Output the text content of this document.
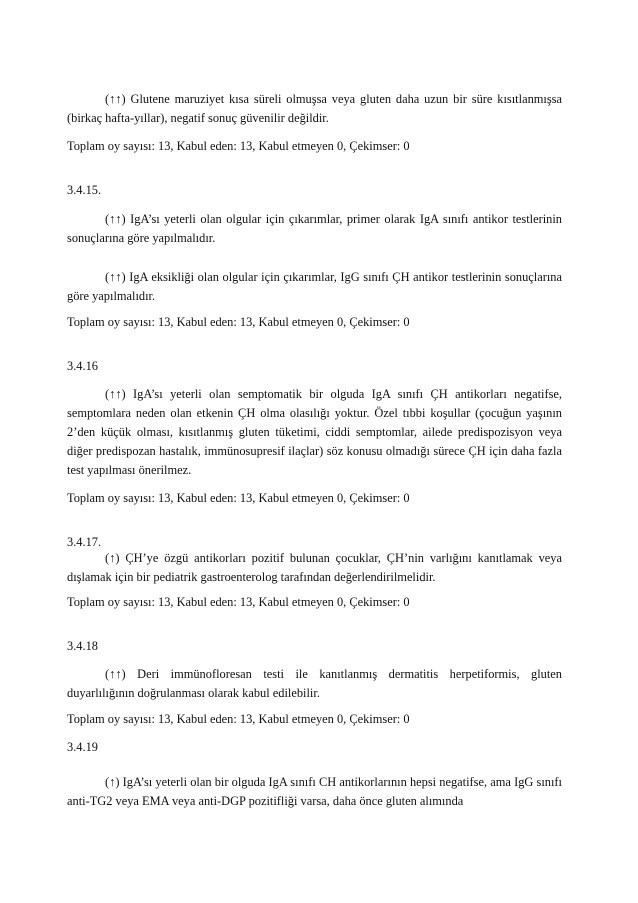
(↑↑) Glutene maruziyet kısa süreli olmuşsa veya gluten daha uzun bir süre kısıtlanmışsa (birkaç hafta-yıllar), negatif sonuç güvenilir değildir.

Toplam oy sayısı: 13, Kabul eden: 13, Kabul etmeyen 0, Çekimser: 0

3.4.15.

(↑↑) IgA’sı yeterli olan olgular için çıkarımlar, primer olarak IgA sınıfı antikor testlerinin sonuçlarına göre yapılmalıdır.

(↑↑) IgA eksikliği olan olgular için çıkarımlar, IgG sınıfı ÇH antikor testlerinin sonuçlarına göre yapılmalıdır.

Toplam oy sayısı: 13, Kabul eden: 13, Kabul etmeyen 0, Çekimser: 0

3.4.16

(↑↑) IgA’sı yeterli olan semptomatik bir olguda IgA sınıfı ÇH antikorları negatifse, semptomlara neden olan etkenin ÇH olma olasılığı yoktur. Özel tıbbi koşullar (çocuğun yaşının 2’den küçük olması, kısıtlanmış gluten tüketimi, ciddi semptomlar, ailede predispozisyon veya diğer predispozan hastalık, immünosupresif ilaçlar) söz konusu olmadığı sürece ÇH için daha fazla test yapılması önerilmez.

Toplam oy sayısı: 13, Kabul eden: 13, Kabul etmeyen 0, Çekimser: 0

3.4.17.

(↑) ÇH’ye özgü antikorları pozitif bulunan çocuklar, ÇH’nin varlığını kanıtlamak veya dışlamak için bir pediatrik gastroenterolog tarafından değerlendirilmelidir.

Toplam oy sayısı: 13, Kabul eden: 13, Kabul etmeyen 0, Çekimser: 0

3.4.18

(↑↑) Deri immünofloresan testi ile kanıtlanmış dermatitis herpetiformis, gluten duyarlılığının doğrulanması olarak kabul edilebilir.

Toplam oy sayısı: 13, Kabul eden: 13, Kabul etmeyen 0, Çekimser: 0

3.4.19

(↑) IgA’sı yeterli olan bir olguda IgA sınıfı CH antikorlarının hepsi negatifse, ama IgG sınıfı anti-TG2 veya EMA veya anti-DGP pozitifliği varsa, daha önce gluten alımında
